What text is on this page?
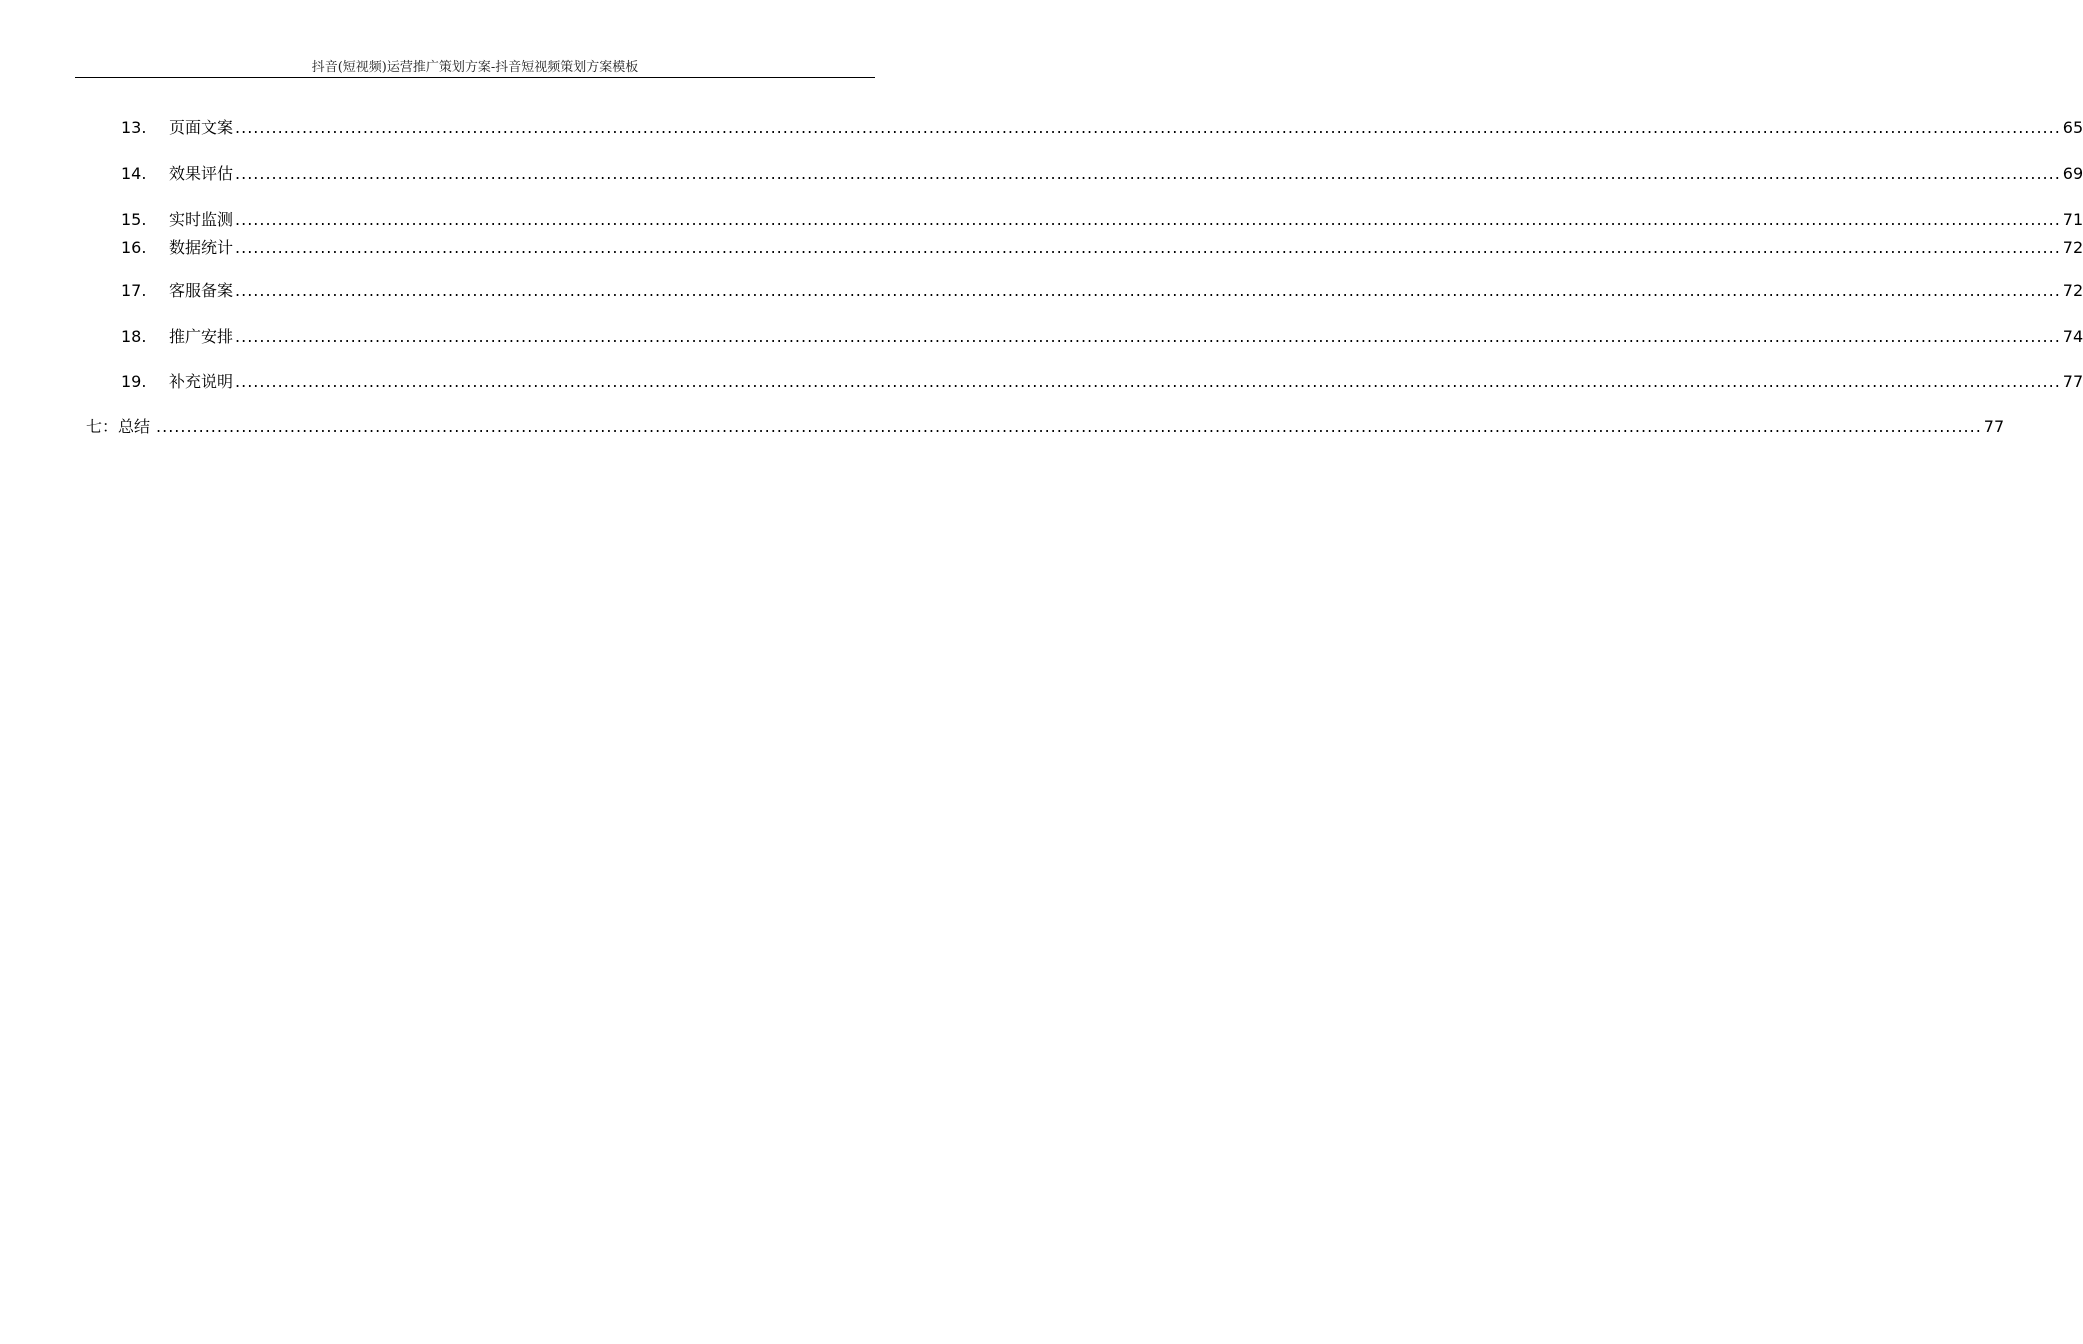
抖音(短视频)运营推广策划方案-抖音短视频策划方案模板
13.	页面文案 ............................................................................................................................................................................................................................................................................................................ 65
14.	效果评估 ............................................................................................................................................................................................................................................................................................................ 69
15.	实时监测 ............................................................................................................................................................................................................................................................................................................ 71
16.	数据统计 ............................................................................................................................................................................................................................................................................................................ 72
17.	客服备案 ............................................................................................................................................................................................................................................................................................................ 72
18.	推广安排 ............................................................................................................................................................................................................................................................................................................ 74
19.	补充说明 ............................................................................................................................................................................................................................................................................................................ 77
七：总结 ............................................................................................................................................................................................................................................................................................................ 77
